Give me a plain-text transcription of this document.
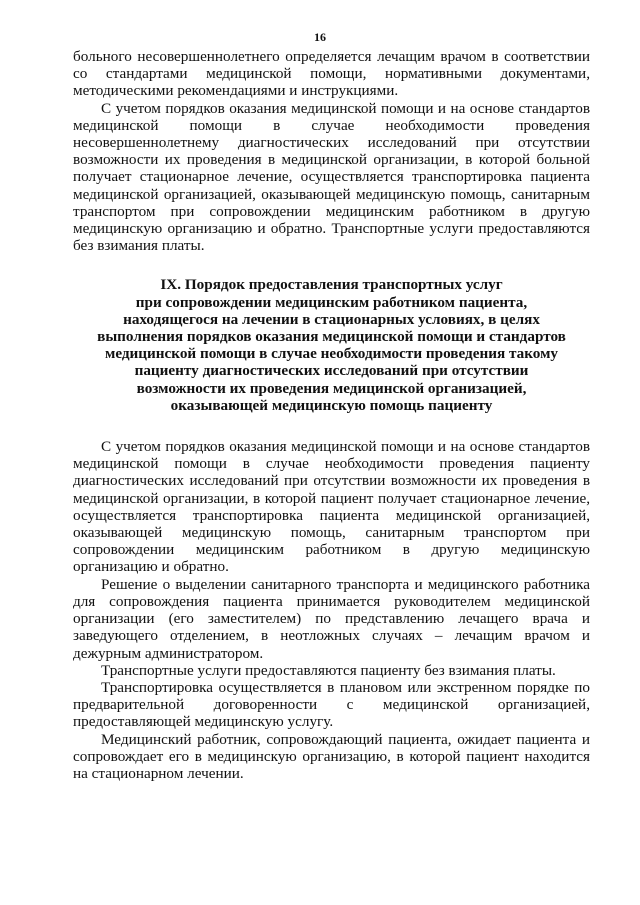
16

больного несовершеннолетнего определяется лечащим врачом в соответствии со стандартами медицинской помощи, нормативными документами, методическими рекомендациями и инструкциями.

С учетом порядков оказания медицинской помощи и на основе стандартов медицинской помощи в случае необходимости проведения несовершеннолетнему диагностических исследований при отсутствии возможности их проведения в медицинской организации, в которой больной получает стационарное лечение, осуществляется транспортировка пациента медицинской организацией, оказывающей медицинскую помощь, санитарным транспортом при сопровождении медицинским работником в другую медицинскую организацию и обратно. Транспортные услуги предоставляются без взимания платы.

IX. Порядок предоставления транспортных услуг
при сопровождении медицинским работником пациента,
находящегося на лечении в стационарных условиях, в целях
выполнения порядков оказания медицинской помощи и стандартов
медицинской помощи в случае необходимости проведения такому
пациенту диагностических исследований при отсутствии
возможности их проведения медицинской организацией,
оказывающей медицинскую помощь пациенту

С учетом порядков оказания медицинской помощи и на основе стандартов медицинской помощи в случае необходимости проведения пациенту диагностических исследований при отсутствии возможности их проведения в медицинской организации, в которой пациент получает стационарное лечение, осуществляется транспортировка пациента медицинской организацией, оказывающей медицинскую помощь, санитарным транспортом при сопровождении медицинским работником в другую медицинскую организацию и обратно.

Решение о выделении санитарного транспорта и медицинского работника для сопровождения пациента принимается руководителем медицинской организации (его заместителем) по представлению лечащего врача и заведующего отделением, в неотложных случаях – лечащим врачом и дежурным администратором.

Транспортные услуги предоставляются пациенту без взимания платы.

Транспортировка осуществляется в плановом или экстренном порядке по предварительной договоренности с медицинской организацией, предоставляющей медицинскую услугу.

Медицинский работник, сопровождающий пациента, ожидает пациента и сопровождает его в медицинскую организацию, в которой пациент находится на стационарном лечении.
